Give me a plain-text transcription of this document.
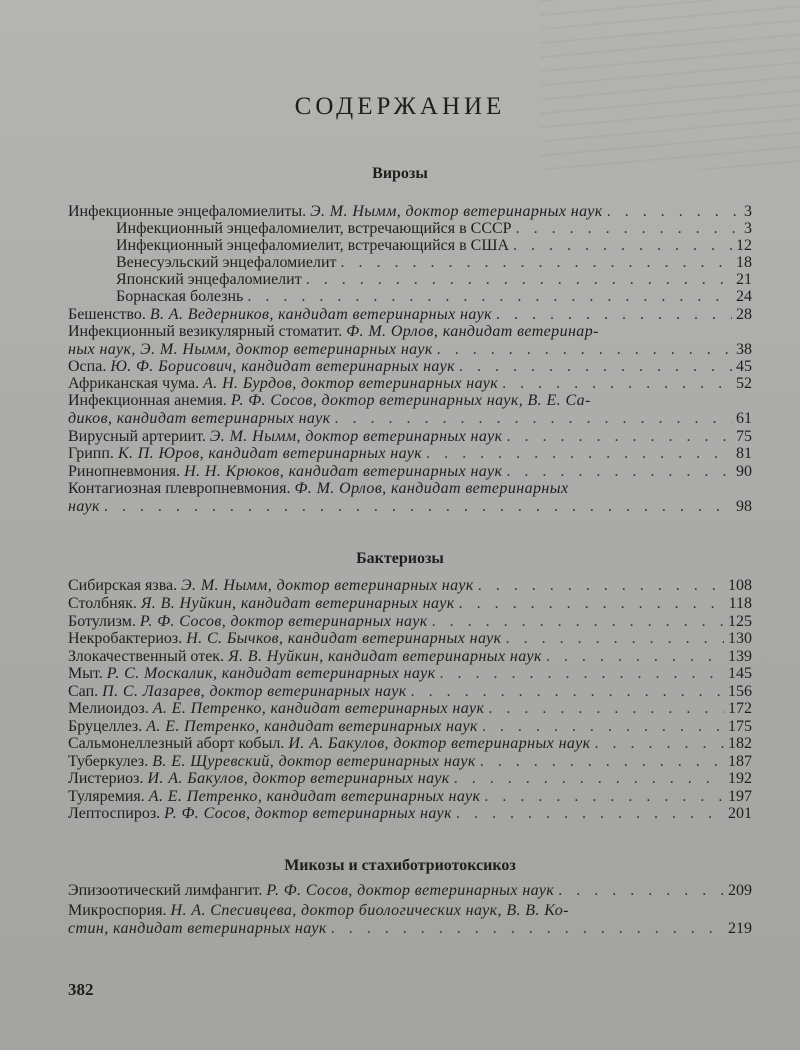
СОДЕРЖАНИЕ
Вирозы
Инфекционные энцефаломиелиты. Э. М. Нымм, доктор ветеринарных наук . . .	3
Инфекционный энцефаломиелит, встречающийся в СССР . . .	3
Инфекционный энцефаломиелит, встречающийся в США . . .	12
Венесуэльский энцефаломиелит . . .	18
Японский энцефаломиелит . . .	21
Борнаская болезнь . . .	24
Бешенство. В. А. Ведерников, кандидат ветеринарных наук . . .	28
Инфекционный везикулярный стоматит. Ф. М. Орлов, кандидат ветеринар-
ных наук, Э. М. Нымм, доктор ветеринарных наук . . .	38
Оспа. Ю. Ф. Борисович, кандидат ветеринарных наук . . .	45
Африканская чума. А. Н. Бурдов, доктор ветеринарных наук . . .	52
Инфекционная анемия. Р. Ф. Сосов, доктор ветеринарных наук, В. Е. Са-
диков, кандидат ветеринарных наук . . .	61
Вирусный артериит. Э. М. Нымм, доктор ветеринарных наук . . .	75
Грипп. К. П. Юров, кандидат ветеринарных наук . . .	81
Ринопневмония. Н. Н. Крюков, кандидат ветеринарных наук . . .	90
Контагиозная плевропневмония. Ф. М. Орлов, кандидат ветеринарных
наук . . .	98
Бактериозы
Сибирская язва. Э. М. Нымм, доктор ветеринарных наук . . .	108
Столбняк. Я. В. Нуйкин, кандидат ветеринарных наук . . .	118
Ботулизм. Р. Ф. Сосов, доктор ветеринарных наук . . .	125
Некробактериоз. Н. С. Бычков, кандидат ветеринарных наук . . .	130
Злокачественный отек. Я. В. Нуйкин, кандидат ветеринарных наук . . .	139
Мыт. Р. С. Москалик, кандидат ветеринарных наук . . .	145
Сап. П. С. Лазарев, доктор ветеринарных наук . . .	156
Мелиоидоз. А. Е. Петренко, кандидат ветеринарных наук . . .	172
Бруцеллез. А. Е. Петренко, кандидат ветеринарных наук . . .	175
Сальмонеллезный аборт кобыл. И. А. Бакулов, доктор ветеринарных наук . . .	182
Туберкулез. В. Е. Щуревский, доктор ветеринарных наук . . .	187
Листериоз. И. А. Бакулов, доктор ветеринарных наук . . .	192
Туляремия. А. Е. Петренко, кандидат ветеринарных наук . . .	197
Лептоспироз. Р. Ф. Сосов, доктор ветеринарных наук . . .	201
Микозы и стахиботриотоксикоз
Эпизоотический лимфангит. Р. Ф. Сосов, доктор ветеринарных наук . . .	209
Микроспория. Н. А. Спесивцева, доктор биологических наук, В. В. Ко-
стин, кандидат ветеринарных наук . . .	219
382
